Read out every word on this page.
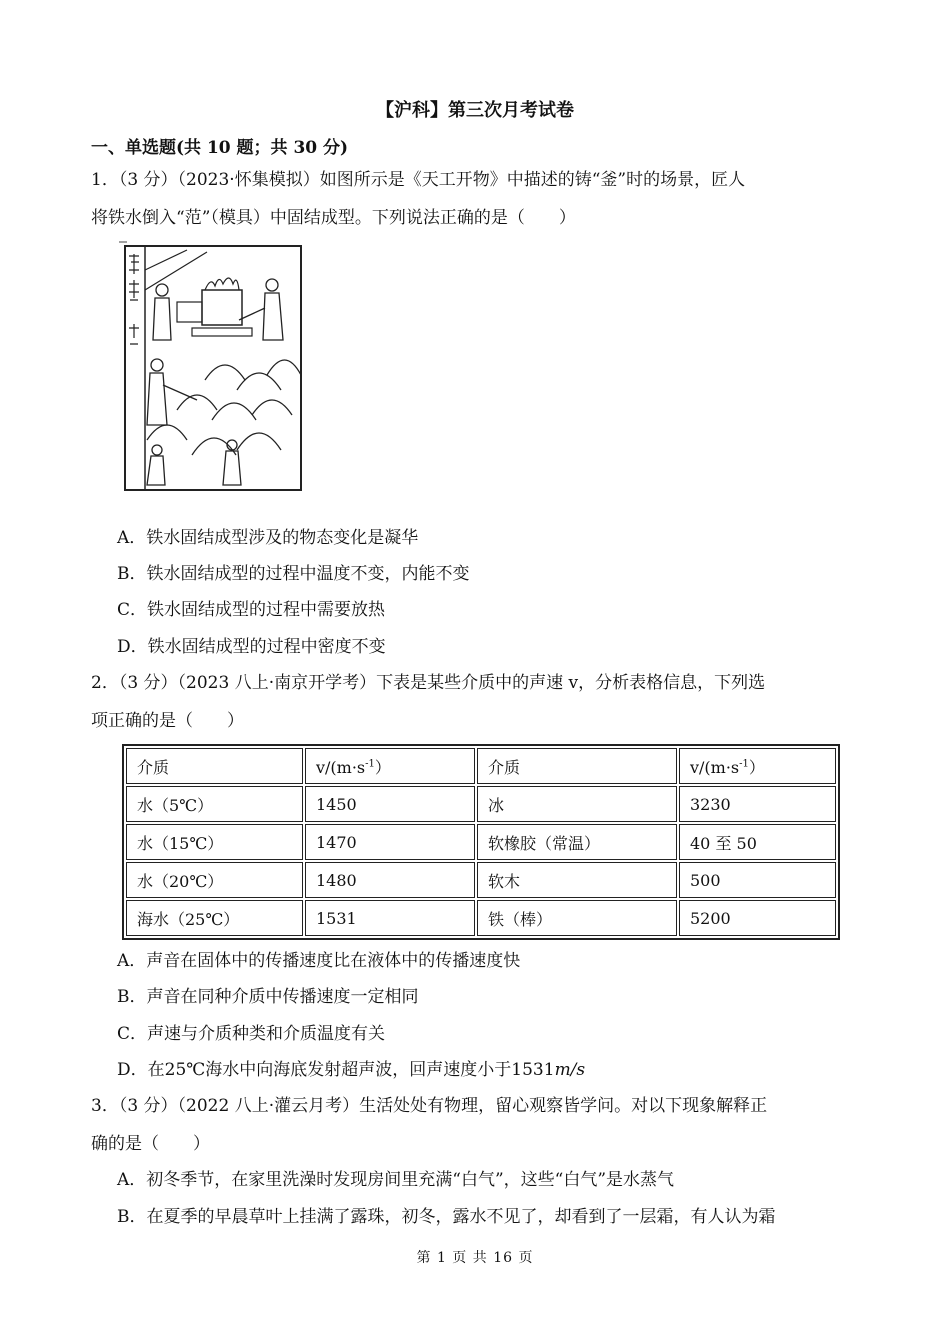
【沪科】第三次月考试卷
一、单选题(共 10 题；共 30 分)
1．（3 分）（2023·怀集模拟）如图所示是《天工开物》中描述的铸“釜”时的场景，匠人
将铁水倒入“范”（模具）中固结成型。下列说法正确的是（　　）
A．铁水固结成型涉及的物态变化是凝华
B．铁水固结成型的过程中温度不变，内能不变
C．铁水固结成型的过程中需要放热
D．铁水固结成型的过程中密度不变
2．（3 分）（2023 八上·南京开学考）下表是某些介质中的声速 v，分析表格信息，下列选
项正确的是（　　）
介质	$v/(m\cdot s^{-1})$	介质	$v/(m\cdot s^{-1})$
水（5℃）	1450	冰	3230
水（15℃）	1470	软橡胶（常温）	40 至 50
水（20℃）	1480	软木	500
海水（25℃）	1531	铁（棒）	5200
A．声音在固体中的传播速度比在液体中的传播速度快
B．声音在同种介质中传播速度一定相同
C．声速与介质种类和介质温度有关
D．在25℃海水中向海底发射超声波，回声速度小于1531m/s
3．（3 分）（2022 八上·灌云月考）生活处处有物理，留心观察皆学问。对以下现象解释正
确的是（　　）
A．初冬季节，在家里洗澡时发现房间里充满“白气”，这些“白气”是水蒸气
B．在夏季的早晨草叶上挂满了露珠，初冬，露水不见了，却看到了一层霜，有人认为霜
第 1 页 共 16 页
